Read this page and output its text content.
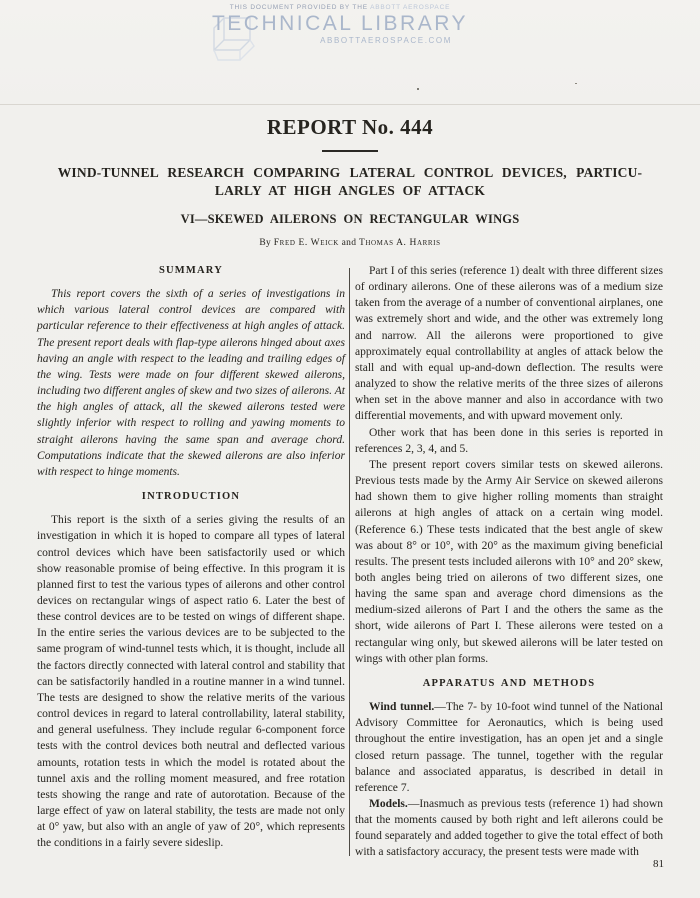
THIS DOCUMENT PROVIDED BY THE ABBOTT AEROSPACE
TECHNICAL LIBRARY
ABBOTTAEROSPACE.COM
REPORT No. 444
WIND-TUNNEL RESEARCH COMPARING LATERAL CONTROL DEVICES, PARTICU-
LARLY AT HIGH ANGLES OF ATTACK
VI—SKEWED AILERONS ON RECTANGULAR WINGS
By Fred E. Weick and Thomas A. Harris
SUMMARY

This report covers the sixth of a series of investigations in which various lateral control devices are compared with particular reference to their effectiveness at high angles of attack. The present report deals with flap-type ailerons hinged about axes having an angle with respect to the leading and trailing edges of the wing. Tests were made on four different skewed ailerons, including two different angles of skew and two sizes of ailerons. At the high angles of attack, all the skewed ailerons tested were slightly inferior with respect to rolling and yawing moments to straight ailerons having the same span and average chord. Computations indicate that the skewed ailerons are also inferior with respect to hinge moments.

INTRODUCTION

This report is the sixth of a series giving the results of an investigation in which it is hoped to compare all types of lateral control devices which have been satisfactorily used or which show reasonable promise of being effective. In this program it is planned first to test the various types of ailerons and other control devices on rectangular wings of aspect ratio 6. Later the best of these control devices are to be tested on wings of different shape. In the entire series the various devices are to be subjected to the same program of wind-tunnel tests which, it is thought, include all the factors directly connected with lateral control and stability that can be satisfactorily handled in a routine manner in a wind tunnel. The tests are designed to show the relative merits of the various control devices in regard to lateral controllability, lateral stability, and general usefulness. They include regular 6-component force tests with the control devices both neutral and deflected various amounts, rotation tests in which the model is rotated about the tunnel axis and the rolling moment measured, and free rotation tests showing the range and rate of autorotation. Because of the large effect of yaw on lateral stability, the tests are made not only at 0° yaw, but also with an angle of yaw of 20°, which represents the conditions in a fairly severe sideslip.

Part I of this series (reference 1) dealt with three different sizes of ordinary ailerons. One of these ailerons was of a medium size taken from the average of a number of conventional airplanes, one was extremely short and wide, and the other was extremely long and narrow. All the ailerons were proportioned to give approximately equal controllability at angles of attack below the stall and with equal up-and-down deflection. The results were analyzed to show the relative merits of the three sizes of ailerons when set in the above manner and also in accordance with two differential movements, and with upward movement only.

Other work that has been done in this series is reported in references 2, 3, 4, and 5.

The present report covers similar tests on skewed ailerons. Previous tests made by the Army Air Service on skewed ailerons had shown them to give higher rolling moments than straight ailerons at high angles of attack on a certain wing model. (Reference 6.) These tests indicated that the best angle of skew was about 8° or 10°, with 20° as the maximum giving beneficial results. The present tests included ailerons with 10° and 20° skew, both angles being tried on ailerons of two different sizes, one having the same span and average chord dimensions as the medium-sized ailerons of Part I and the others the same as the short, wide ailerons of Part I. These ailerons were tested on a rectangular wing only, but skewed ailerons will be later tested on wings with other plan forms.

APPARATUS AND METHODS

Wind tunnel.—The 7- by 10-foot wind tunnel of the National Advisory Committee for Aeronautics, which is being used throughout the entire investigation, has an open jet and a single closed return passage. The tunnel, together with the regular balance and associated apparatus, is described in detail in reference 7.

Models.—Inasmuch as previous tests (reference 1) had shown that the moments caused by both right and left ailerons could be found separately and added together to give the total effect of both with a satisfactory accuracy, the present tests were made with

81
